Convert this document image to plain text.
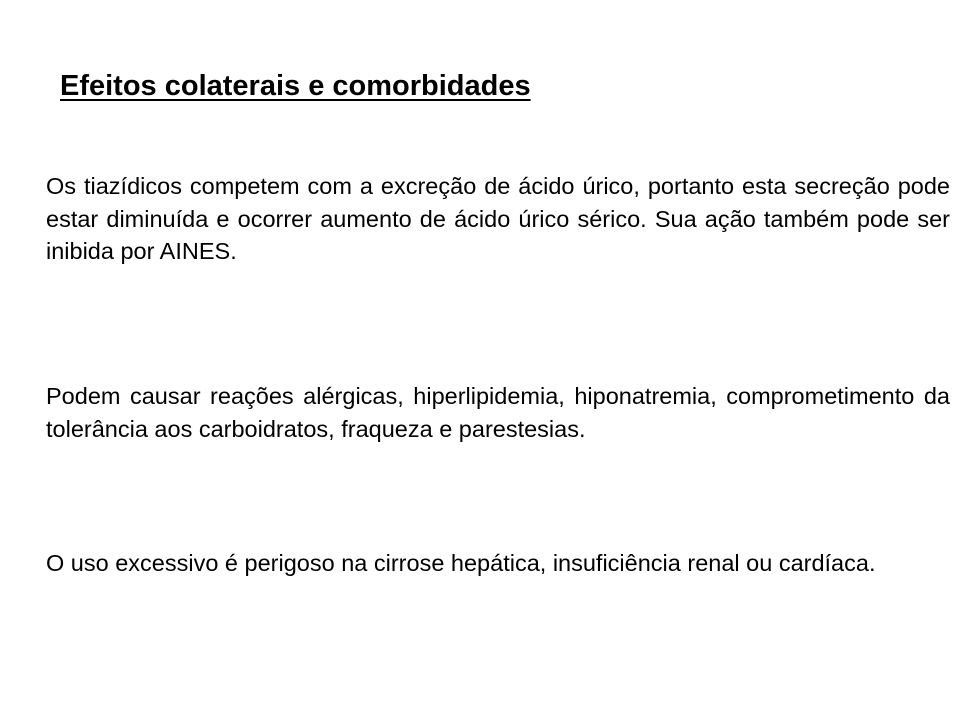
Efeitos colaterais e comorbidades

Os tiazídicos competem com a excreção de ácido úrico, portanto esta secreção pode estar diminuída e ocorrer aumento de ácido úrico sérico. Sua ação também pode ser inibida por AINES.

Podem causar reações alérgicas, hiperlipidemia, hiponatremia, comprometimento da tolerância aos carboidratos, fraqueza e parestesias.

O uso excessivo é perigoso na cirrose hepática, insuficiência renal ou cardíaca.
